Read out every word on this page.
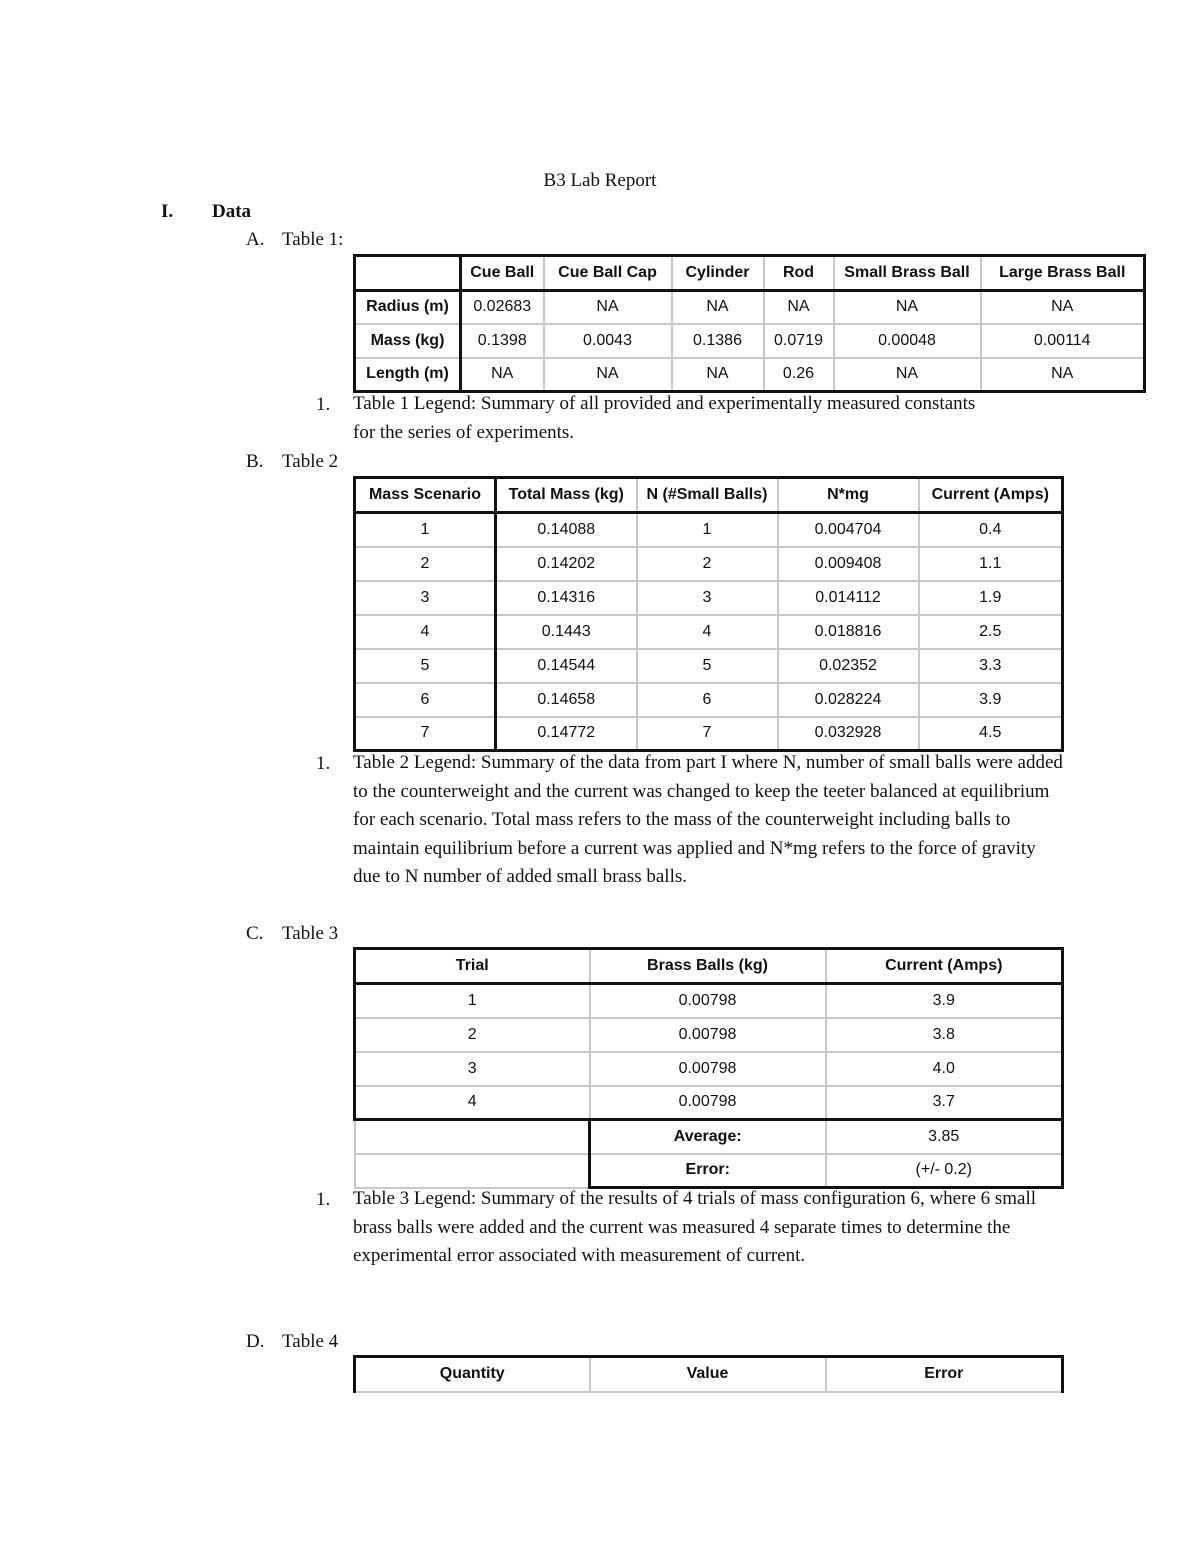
B3 Lab Report
I. Data
A. Table 1:
	Cue Ball	Cue Ball Cap	Cylinder	Rod	Small Brass Ball	Large Brass Ball
Radius (m)	0.02683	NA	NA	NA	NA	NA
Mass (kg)	0.1398	0.0043	0.1386	0.0719	0.00048	0.00114
Length (m)	NA	NA	NA	0.26	NA	NA
1. Table 1 Legend: Summary of all provided and experimentally measured constants for the series of experiments.
B. Table 2
Mass Scenario	Total Mass (kg)	N (#Small Balls)	N*mg	Current (Amps)
1	0.14088	1	0.004704	0.4
2	0.14202	2	0.009408	1.1
3	0.14316	3	0.014112	1.9
4	0.1443	4	0.018816	2.5
5	0.14544	5	0.02352	3.3
6	0.14658	6	0.028224	3.9
7	0.14772	7	0.032928	4.5
1. Table 2 Legend: Summary of the data from part I where N, number of small balls were added to the counterweight and the current was changed to keep the teeter balanced at equilibrium for each scenario. Total mass refers to the mass of the counterweight including balls to maintain equilibrium before a current was applied and N*mg refers to the force of gravity due to N number of added small brass balls.
C. Table 3
Trial	Brass Balls (kg)	Current (Amps)
1	0.00798	3.9
2	0.00798	3.8
3	0.00798	4.0
4	0.00798	3.7
	Average:	3.85
	Error:	(+/- 0.2)
1. Table 3 Legend: Summary of the results of 4 trials of mass configuration 6, where 6 small brass balls were added and the current was measured 4 separate times to determine the experimental error associated with measurement of current.
D. Table 4
Quantity	Value	Error
